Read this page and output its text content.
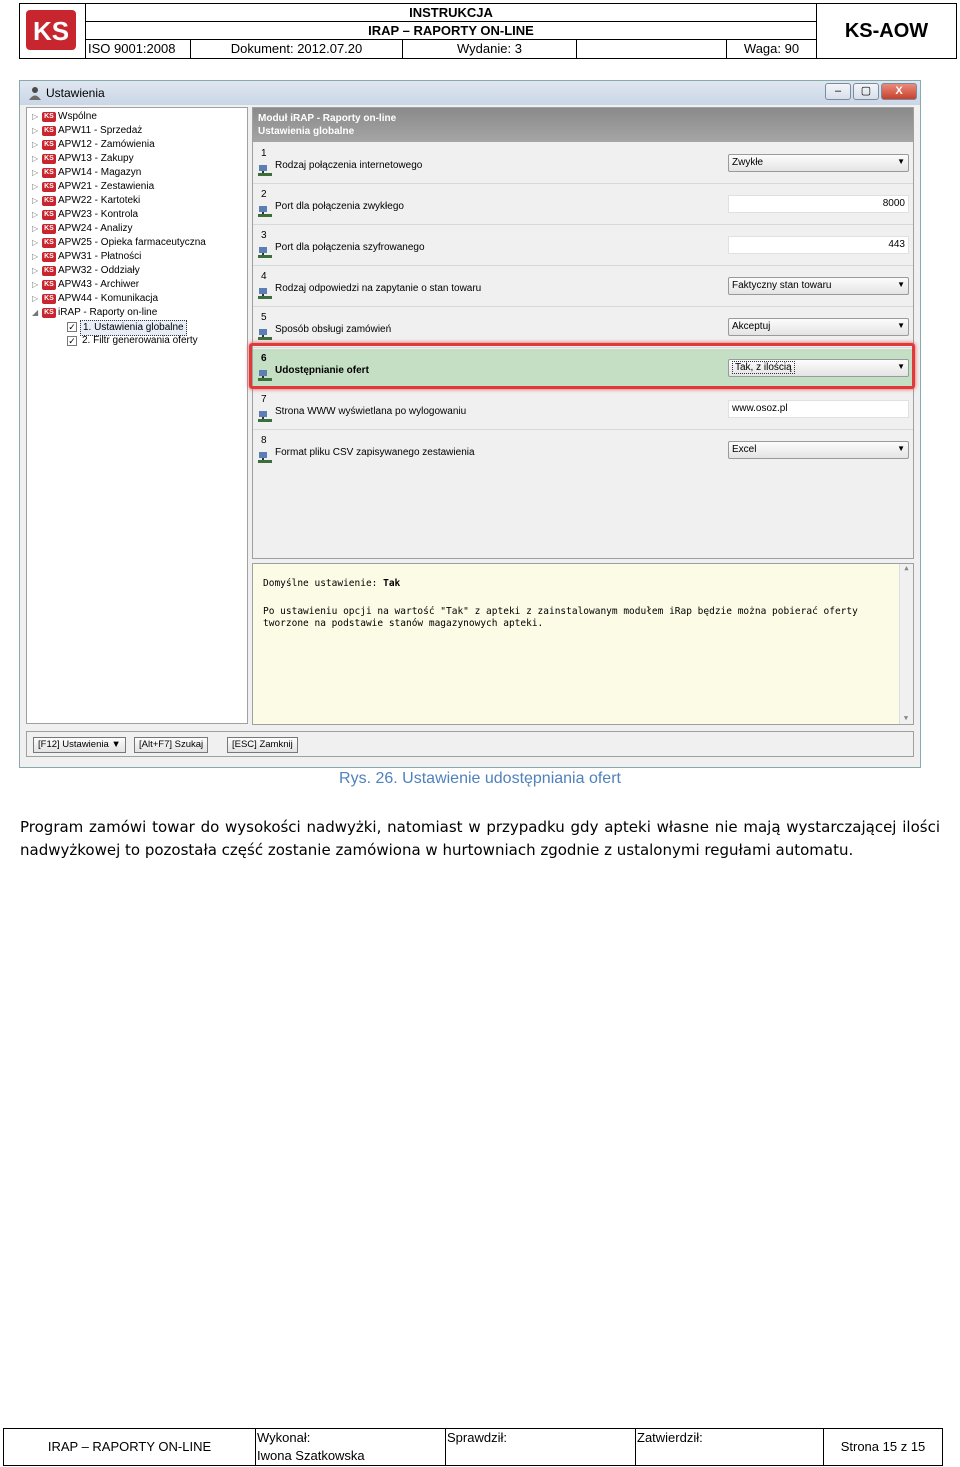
KS
INSTRUKCJA
IRAP – RAPORTY ON-LINE
ISO 9001:2008	Dokument: 2012.07.20	Wydanie: 3	Waga: 90
KS-AOW
Ustawienia	–	▢	X
▷ KS Wspólne
▷ KS APW11 - Sprzedaż
▷ KS APW12 - Zamówienia
▷ KS APW13 - Zakupy
▷ KS APW14 - Magazyn
▷ KS APW21 - Zestawienia
▷ KS APW22 - Kartoteki
▷ KS APW23 - Kontrola
▷ KS APW24 - Analizy
▷ KS APW25 - Opieka farmaceutyczna
▷ KS APW31 - Płatności
▷ KS APW32 - Oddziały
▷ KS APW43 - Archiwer
▷ KS APW44 - Komunikacja
◢ KS iRAP - Raporty on-line
✓ 1. Ustawienia globalne
✓ 2. Filtr generowania oferty
Moduł iRAP - Raporty on-line
Ustawienia globalne
1
Rodzaj połączenia internetowego	Zwykłe	▼
2
Port dla połączenia zwykłego	8000
3
Port dla połączenia szyfrowanego	443
4
Rodzaj odpowiedzi na zapytanie o stan towaru	Faktyczny stan towaru	▼
5
Sposób obsługi zamówień	Akceptuj	▼
6
Udostępnianie ofert	Tak, z ilością	▼
7
Strona WWW wyświetlana po wylogowaniu	www.osoz.pl
8
Format pliku CSV zapisywanego zestawienia	Excel	▼
Domyślne ustawienie: Tak
Po ustawieniu opcji na wartość "Tak" z apteki z zainstalowanym modułem iRap będzie można pobierać oferty tworzone na podstawie stanów magazynowych apteki.
▲
▼
[F12] Ustawienia ▼	[Alt+F7] Szukaj	[ESC] Zamknij
Rys. 26. Ustawienie udostępniania ofert
Program zamówi towar do wysokości nadwyżki, natomiast w przypadku gdy apteki własne nie mają wystarczającej ilości nadwyżkowej to pozostała część zostanie zamówiona w hurtowniach zgodnie z ustalonymi regułami automatu.
IRAP – RAPORTY ON-LINE
Wykonał:
Iwona Szatkowska
Sprawdził:	Zatwierdził:
Strona 15 z 15
